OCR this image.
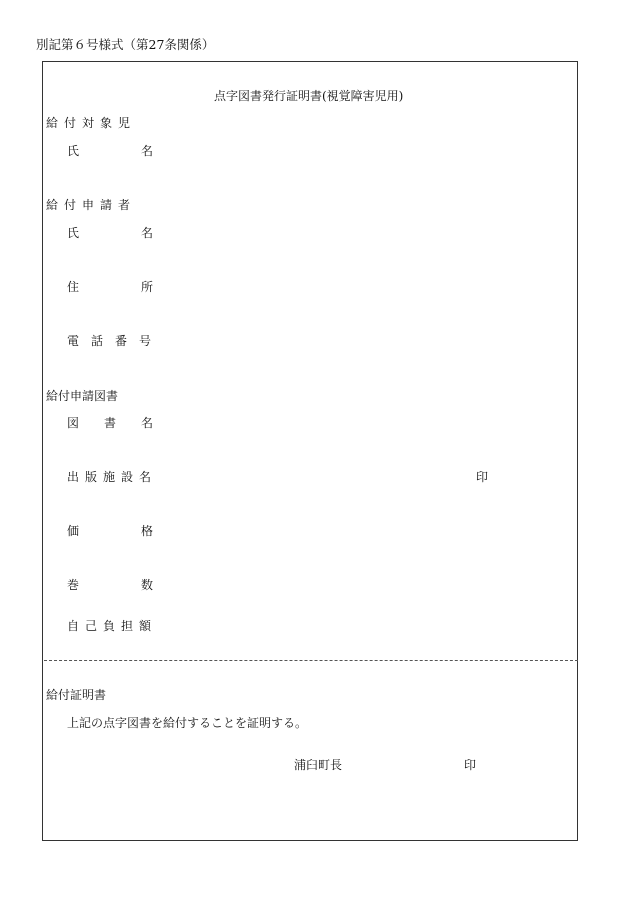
別記第６号様式（第27条関係）
点字図書発行証明書(視覚障害児用)
給付対象児
氏名
給付申請者
氏名
住所
電話番号
給付申請図書
図書名
出版施設名	印
価格
巻数
自己負担額
給付証明書
上記の点字図書を給付することを証明する。
浦臼町長	印
